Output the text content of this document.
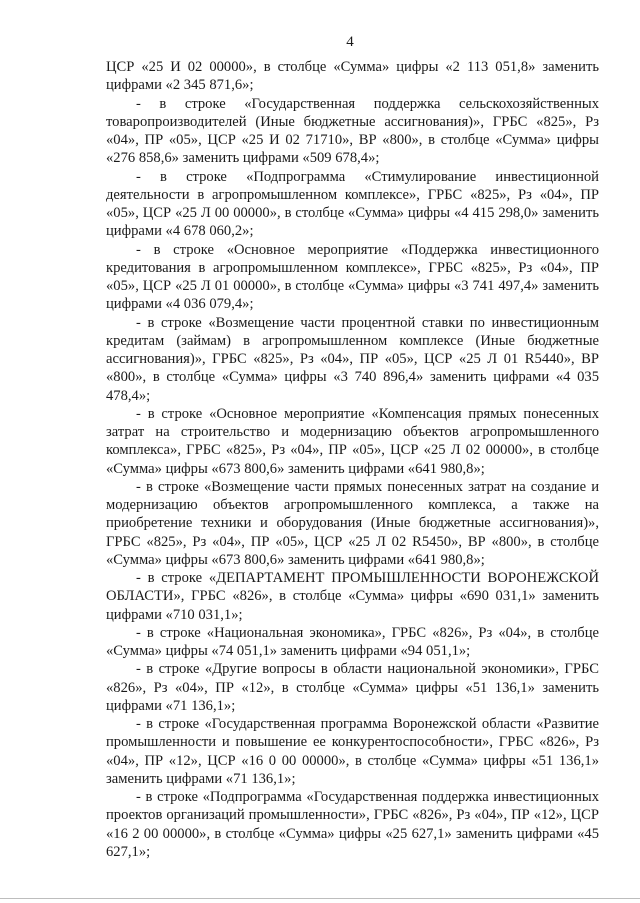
4

ЦСР «25 И 02 00000», в столбце «Сумма» цифры «2 113 051,8» заменить цифрами «2 345 871,6»;

- в строке «Государственная поддержка сельскохозяйственных товаропроизводителей (Иные бюджетные ассигнования)», ГРБС «825», Рз «04», ПР «05», ЦСР «25 И 02 71710», ВР «800», в столбце «Сумма» цифры «276 858,6» заменить цифрами «509 678,4»;

- в строке «Подпрограмма «Стимулирование инвестиционной деятельности в агропромышленном комплексе», ГРБС «825», Рз «04», ПР «05», ЦСР «25 Л 00 00000», в столбце «Сумма» цифры «4 415 298,0» заменить цифрами «4 678 060,2»;

- в строке «Основное мероприятие «Поддержка инвестиционного кредитования в агропромышленном комплексе», ГРБС «825», Рз «04», ПР «05», ЦСР «25 Л 01 00000», в столбце «Сумма» цифры «3 741 497,4» заменить цифрами «4 036 079,4»;

- в строке «Возмещение части процентной ставки по инвестиционным кредитам (займам) в агропромышленном комплексе (Иные бюджетные ассигнования)», ГРБС «825», Рз «04», ПР «05», ЦСР «25 Л 01 R5440», ВР «800», в столбце «Сумма» цифры «3 740 896,4» заменить цифрами «4 035 478,4»;

- в строке «Основное мероприятие «Компенсация прямых понесенных затрат на строительство и модернизацию объектов агропромышленного комплекса», ГРБС «825», Рз «04», ПР «05», ЦСР «25 Л 02 00000», в столбце «Сумма» цифры «673 800,6» заменить цифрами «641 980,8»;

- в строке «Возмещение части прямых понесенных затрат на создание и модернизацию объектов агропромышленного комплекса, а также на приобретение техники и оборудования (Иные бюджетные ассигнования)», ГРБС «825», Рз «04», ПР «05», ЦСР «25 Л 02 R5450», ВР «800», в столбце «Сумма» цифры «673 800,6» заменить цифрами «641 980,8»;

- в строке «ДЕПАРТАМЕНТ ПРОМЫШЛЕННОСТИ ВОРОНЕЖСКОЙ ОБЛАСТИ», ГРБС «826», в столбце «Сумма» цифры «690 031,1» заменить цифрами «710 031,1»;

- в строке «Национальная экономика», ГРБС «826», Рз «04», в столбце «Сумма» цифры «74 051,1» заменить цифрами «94 051,1»;

- в строке «Другие вопросы в области национальной экономики», ГРБС «826», Рз «04», ПР «12», в столбце «Сумма» цифры «51 136,1» заменить цифрами «71 136,1»;

- в строке «Государственная программа Воронежской области «Развитие промышленности и повышение ее конкурентоспособности», ГРБС «826», Рз «04», ПР «12», ЦСР «16 0 00 00000», в столбце «Сумма» цифры «51 136,1» заменить цифрами «71 136,1»;

- в строке «Подпрограмма «Государственная поддержка инвестиционных проектов организаций промышленности», ГРБС «826», Рз «04», ПР «12», ЦСР «16 2 00 00000», в столбце «Сумма» цифры «25 627,1» заменить цифрами «45 627,1»;
